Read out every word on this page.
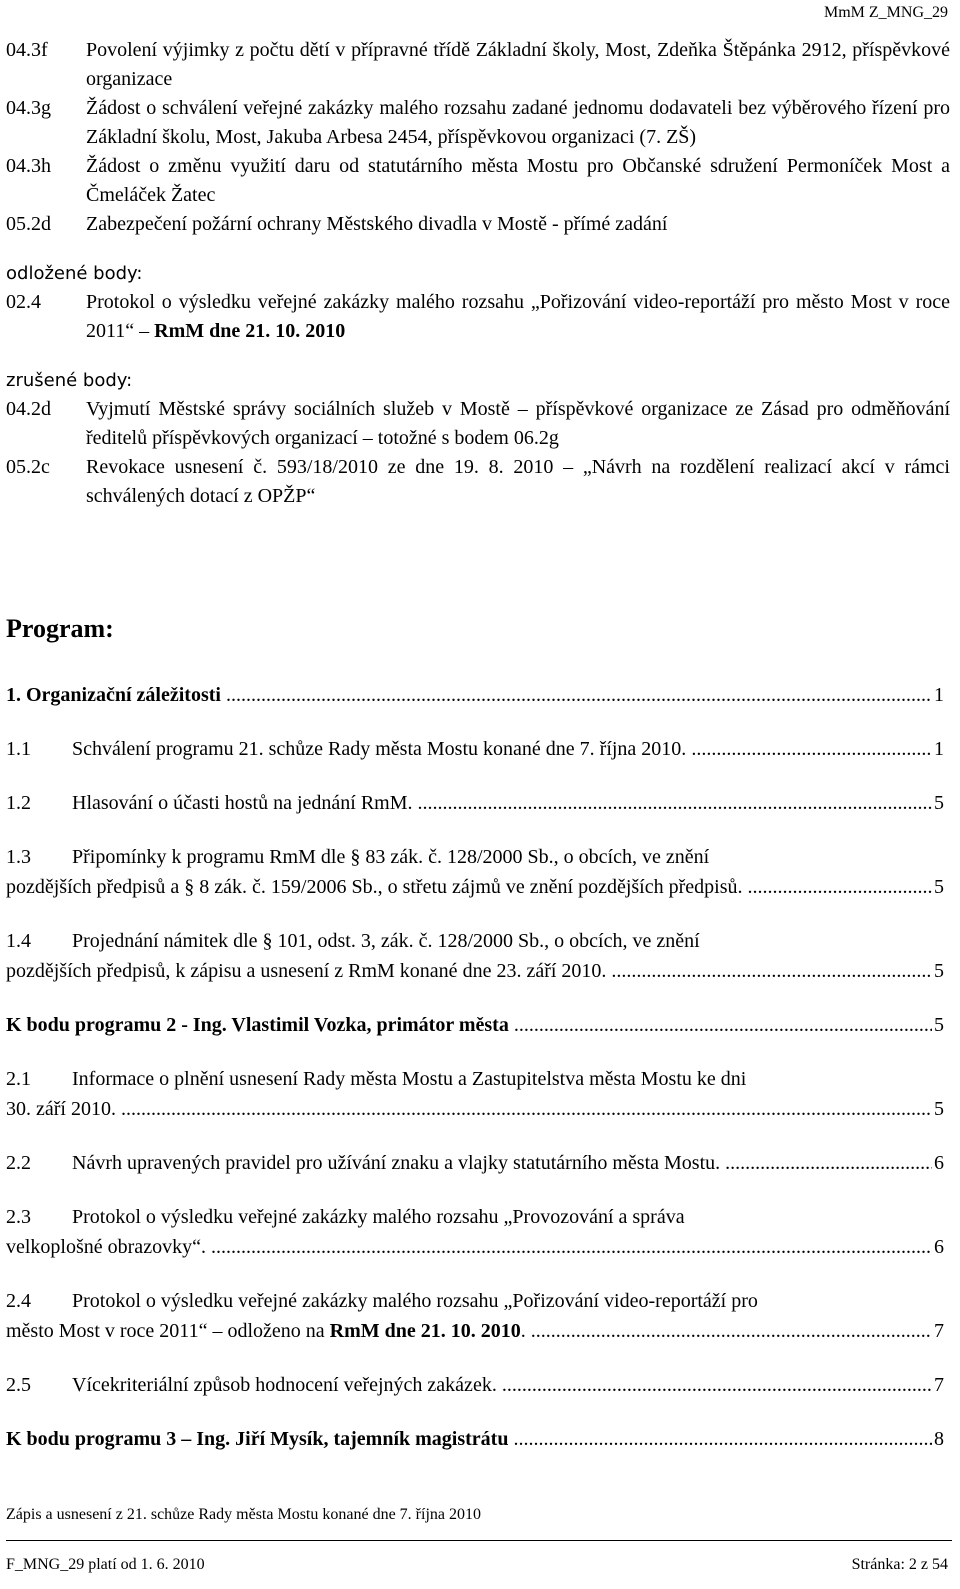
MmM Z_MNG_29
04.3f	Povolení výjimky z počtu dětí v přípravné třídě Základní školy, Most, Zdeňka Štěpánka 2912, příspěvkové organizace
04.3g	Žádost o schválení veřejné zakázky malého rozsahu zadané jednomu dodavateli bez výběrového řízení pro Základní školu, Most, Jakuba Arbesa 2454, příspěvkovou organizaci (7. ZŠ)
04.3h	Žádost o změnu využití daru od statutárního města Mostu pro Občanské sdružení Permoníček Most a Čmeláček Žatec
05.2d	Zabezpečení požární ochrany Městského divadla v Mostě - přímé zadání
odložené body:
02.4	Protokol o výsledku veřejné zakázky malého rozsahu „Pořizování video-reportáží pro město Most v roce 2011“ – RmM dne 21. 10. 2010
zrušené body:
04.2d	Vyjmutí Městské správy sociálních služeb v Mostě – příspěvkové organizace ze Zásad pro odměňování ředitelů příspěvkových organizací – totožné s bodem 06.2g
05.2c	Revokace usnesení č. 593/18/2010 ze dne 19. 8. 2010 – „Návrh na rozdělení realizací akcí v rámci schválených dotací z OPŽP“
Program:
1. Organizační záležitosti .....	1
1.1	Schválení programu 21. schůze Rady města Mostu konané dne 7. října 2010. .....	1
1.2	Hlasování o účasti hostů na jednání RmM. .....	5
1.3 Připomínky k programu RmM dle § 83 zák. č. 128/2000 Sb., o obcích, ve znění
pozdějších předpisů a § 8 zák. č. 159/2006 Sb., o střetu zájmů ve znění pozdějších předpisů. .....	5
1.4 Projednání námitek dle § 101, odst. 3, zák. č. 128/2000 Sb., o obcích, ve znění
pozdějších předpisů, k zápisu a usnesení z RmM konané dne 23. září 2010. .....	5
K bodu programu 2 - Ing. Vlastimil Vozka, primátor města .....	5
2.1 Informace o plnění usnesení Rady města Mostu a Zastupitelstva města Mostu ke dni
30. září 2010. .....	5
2.2	Návrh upravených pravidel pro užívání znaku a vlajky statutárního města Mostu. .....	6
2.3 Protokol o výsledku veřejné zakázky malého rozsahu „Provozování a správa
velkoplošné obrazovky“. .....	6
2.4 Protokol o výsledku veřejné zakázky malého rozsahu „Pořizování video-reportáží pro
město Most v roce 2011“ – odloženo na RmM dne 21. 10. 2010. .....	7
2.5	Vícekriteriální způsob hodnocení veřejných zakázek. .....	7
K bodu programu 3 – Ing. Jiří Mysík, tajemník magistrátu .....	8
Zápis a usnesení z 21. schůze Rady města Mostu konané dne 7. října 2010
F_MNG_29 platí od 1. 6. 2010	Stránka: 2 z 54
